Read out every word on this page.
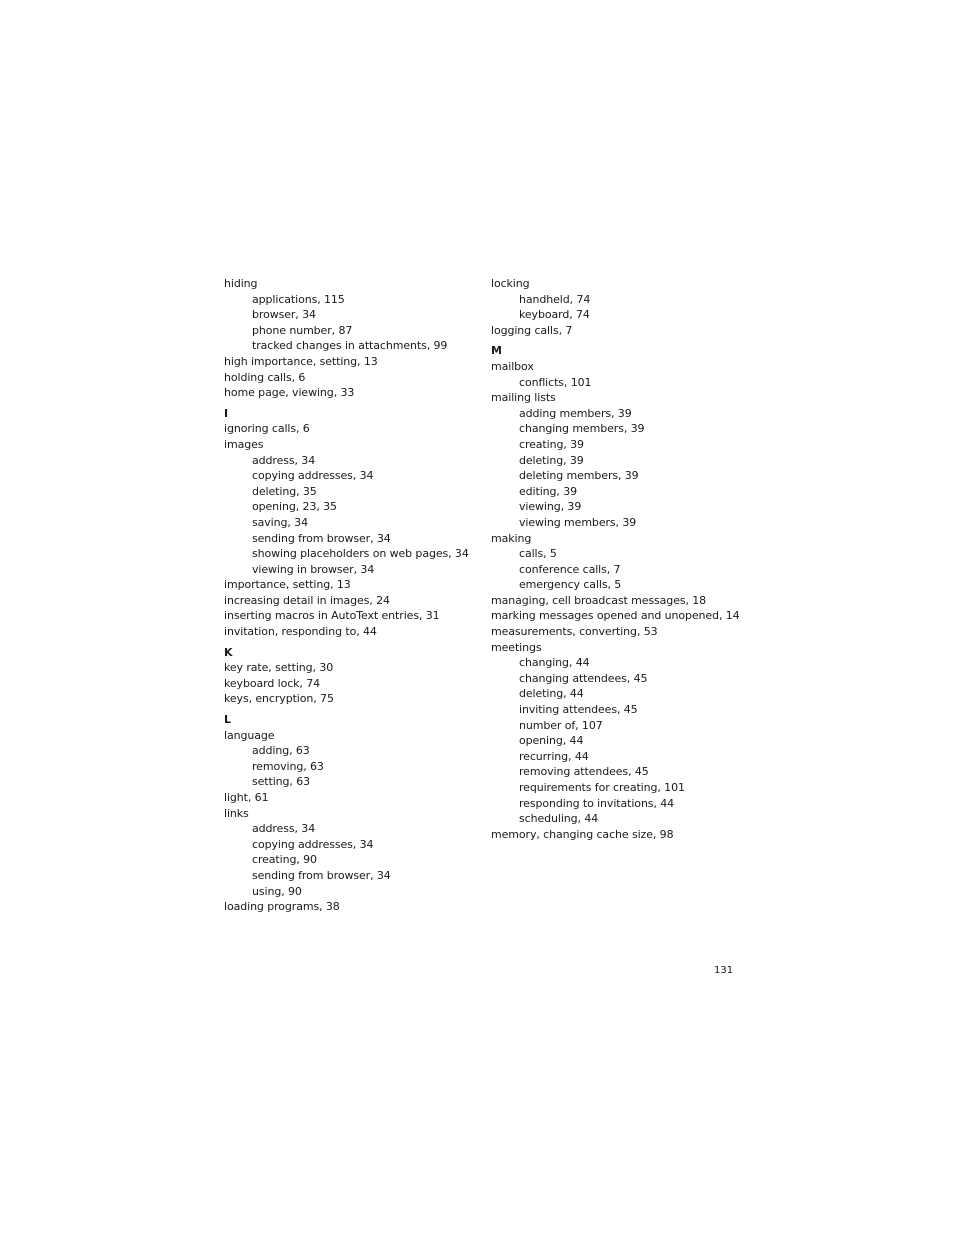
hiding
applications, 115
browser, 34
phone number, 87
tracked changes in attachments, 99
high importance, setting, 13
holding calls, 6
home page, viewing, 33
I
ignoring calls, 6
images
address, 34
copying addresses, 34
deleting, 35
opening, 23, 35
saving, 34
sending from browser, 34
showing placeholders on web pages, 34
viewing in browser, 34
importance, setting, 13
increasing detail in images, 24
inserting macros in AutoText entries, 31
invitation, responding to, 44
K
key rate, setting, 30
keyboard lock, 74
keys, encryption, 75
L
language
adding, 63
removing, 63
setting, 63
light, 61
links
address, 34
copying addresses, 34
creating, 90
sending from browser, 34
using, 90
loading programs, 38
locking
handheld, 74
keyboard, 74
logging calls, 7
M
mailbox
conflicts, 101
mailing lists
adding members, 39
changing members, 39
creating, 39
deleting, 39
deleting members, 39
editing, 39
viewing, 39
viewing members, 39
making
calls, 5
conference calls, 7
emergency calls, 5
managing, cell broadcast messages, 18
marking messages opened and unopened, 14
measurements, converting, 53
meetings
changing, 44
changing attendees, 45
deleting, 44
inviting attendees, 45
number of, 107
opening, 44
recurring, 44
removing attendees, 45
requirements for creating, 101
responding to invitations, 44
scheduling, 44
memory, changing cache size, 98
131
